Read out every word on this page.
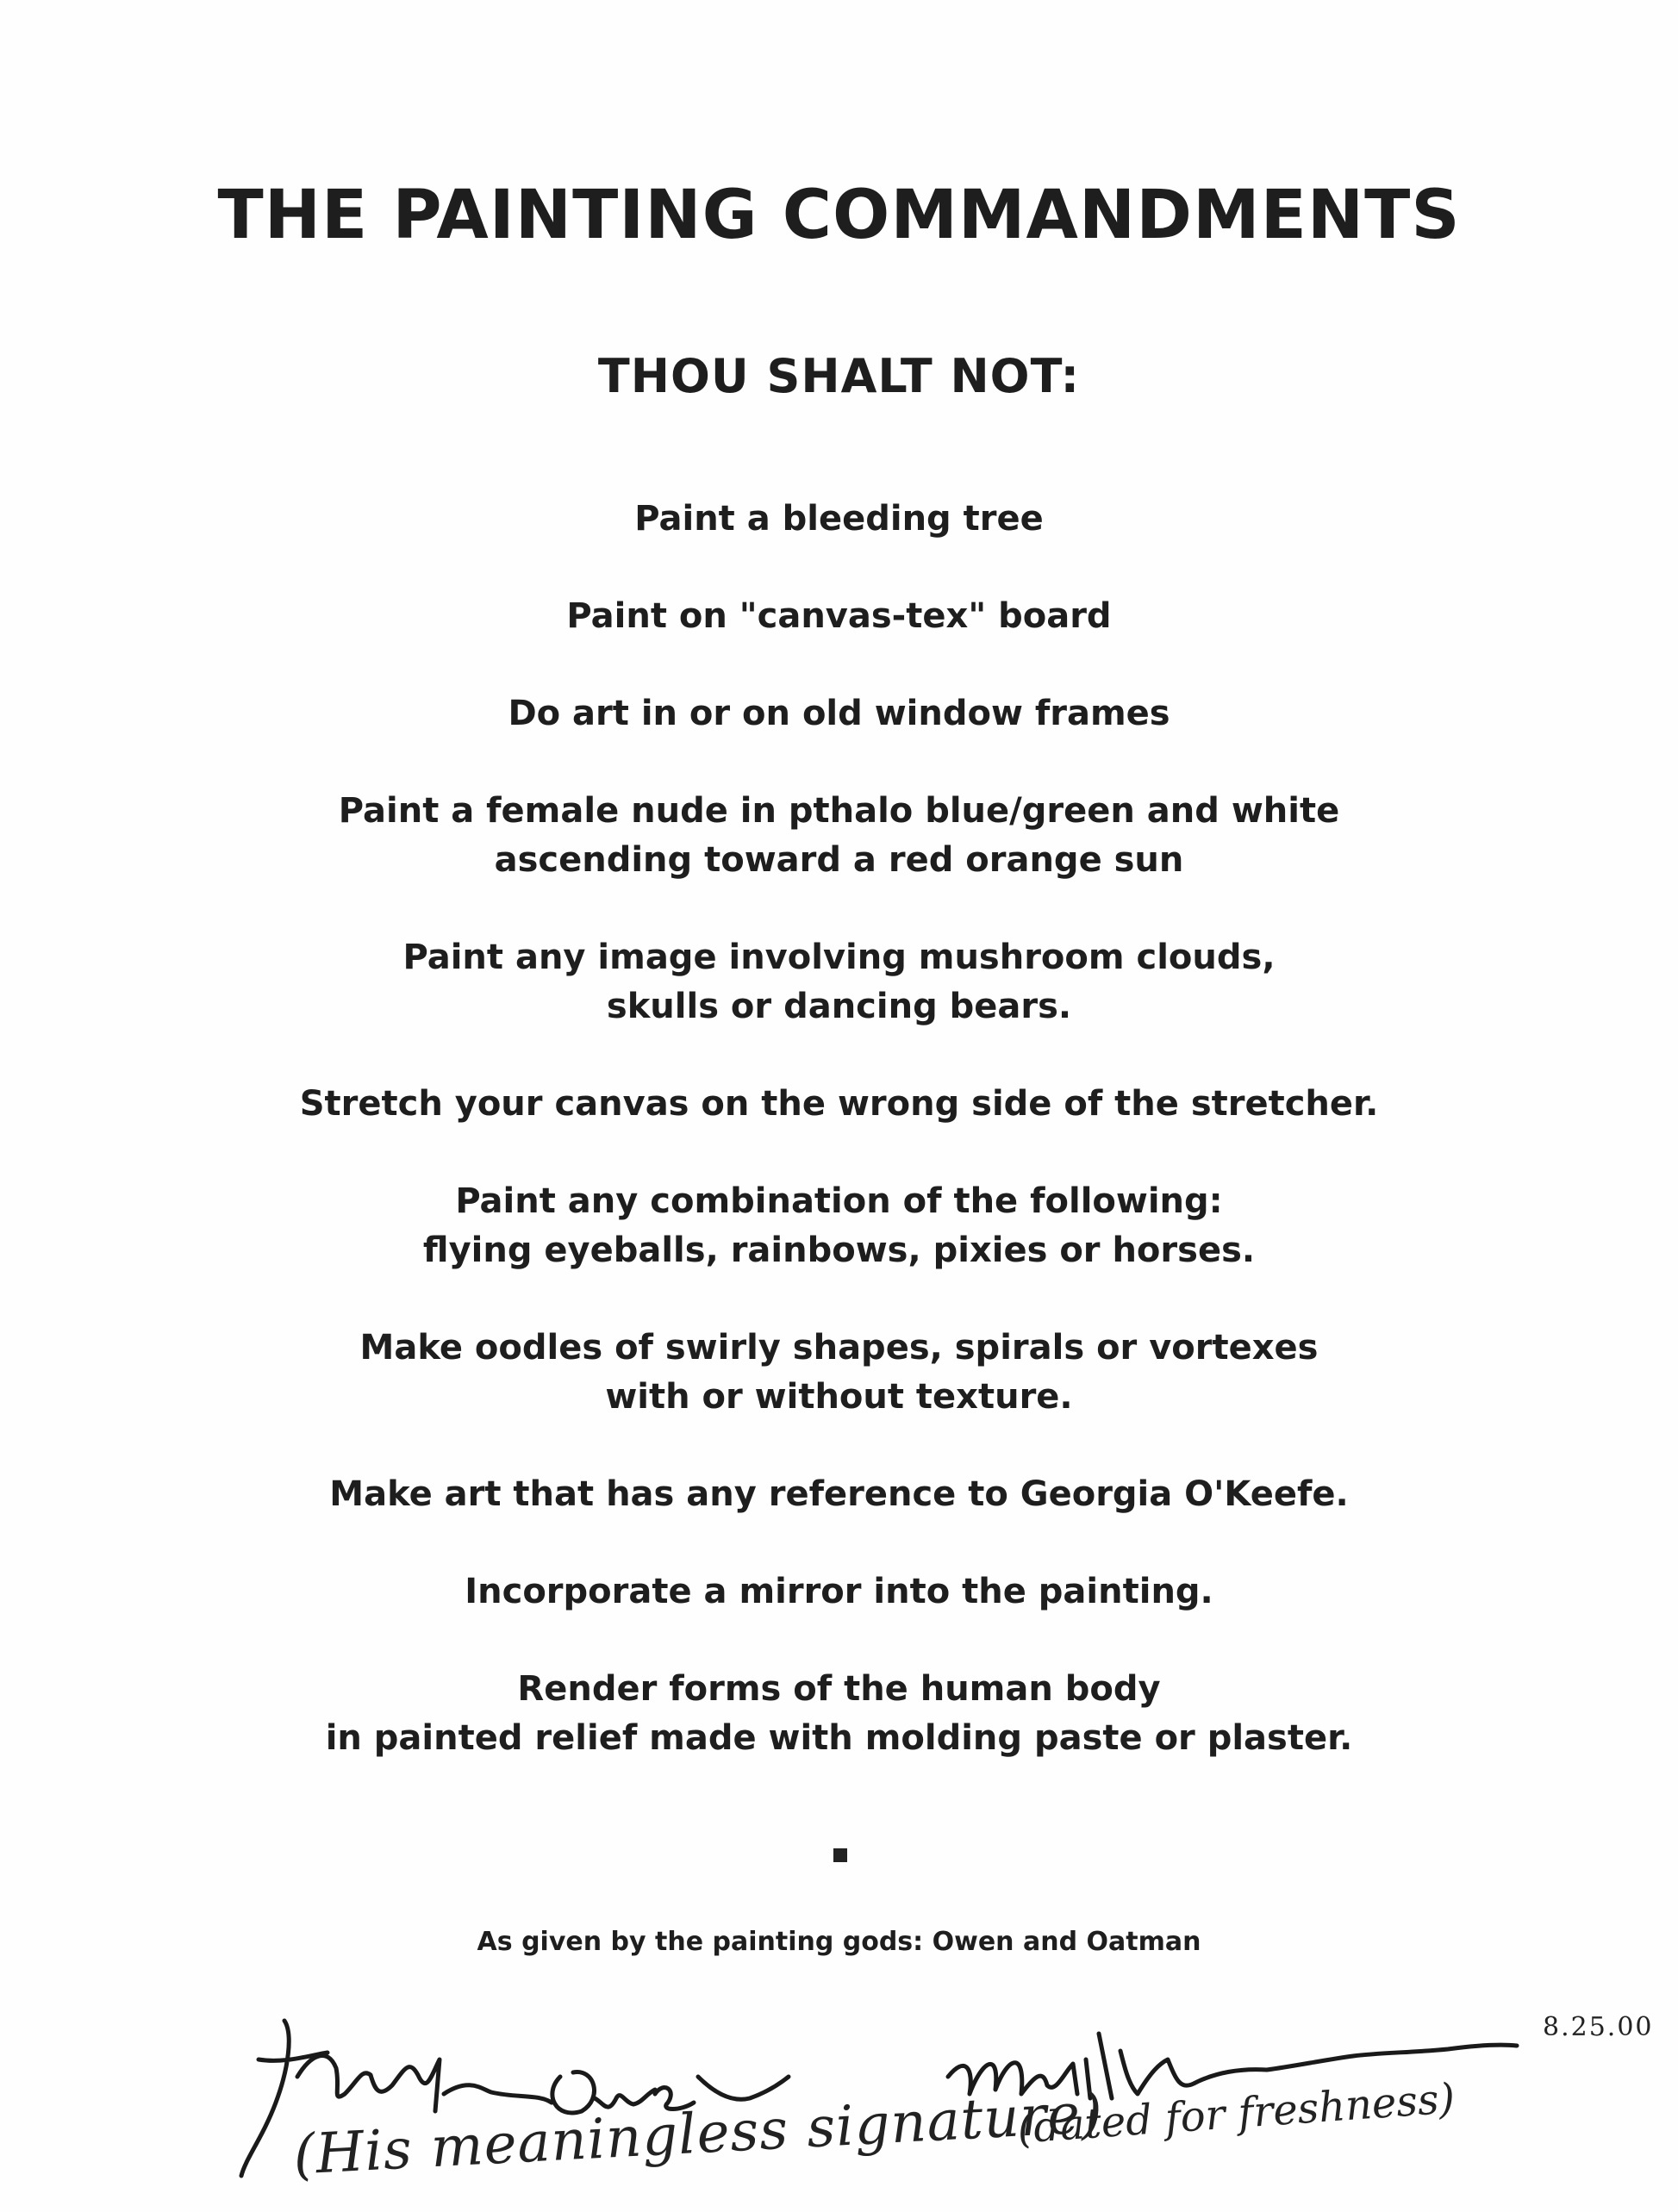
THE PAINTING COMMANDMENTS
THOU SHALT NOT:
Paint a bleeding tree
Paint on "canvas-tex" board
Do art in or on old window frames
Paint a female nude in pthalo blue/green and white
ascending toward a red orange sun
Paint any image involving mushroom clouds,
skulls or dancing bears.
Stretch your canvas on the wrong side of the stretcher.
Paint any combination of the following:
flying eyeballs, rainbows, pixies or horses.
Make oodles of swirly shapes, spirals or vortexes
with or without texture.
Make art that has any reference to Georgia O'Keefe.
Incorporate a mirror into the painting.
Render forms of the human body
in painted relief made with molding paste or plaster.
As given by the painting gods: Owen and Oatman
(His meaningless signature)
(dated for freshness)
8.25.00
